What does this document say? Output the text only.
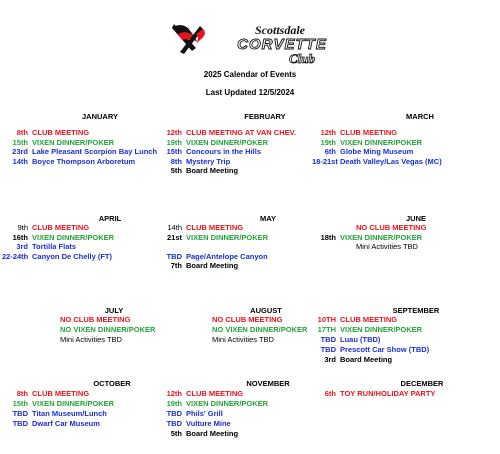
Scottsdale
CORVETTE
Club
2025 Calendar of Events
Last Updated 12/5/2024
JANUARY
8th CLUB MEETING
15th VIXEN DINNER/POKER
23rd Lake Pleasant Scorpion Bay Lunch
14th Boyce Thompson Arboretum
FEBRUARY
12th CLUB MEETING AT VAN CHEV.
19th VIXEN DINNER/POKER
15th Concours in the Hills
8th Mystery Trip
5th Board Meeting
MARCH
12th CLUB MEETING
19th VIXEN DINNER/POKER
6th Globe Ming Museum
18-21st Death Valley/Las Vegas (MC)
APRIL
9th CLUB MEETING
16th VIXEN DINNER/POKER
3rd Tortilla Flats
22-24th Canyon De Chelly (FT)
MAY
14th CLUB MEETING
21st VIXEN DINNER/POKER
TBD Page/Antelope Canyon
7th Board Meeting
JUNE
NO CLUB MEETING
18th VIXEN DINNER/POKER
Mini Activities TBD
JULY
NO CLUB MEETING
NO VIXEN DINNER/POKER
Mini Activities TBD
AUGUST
NO CLUB MEETING
NO VIXEN DINNER/POKER
Mini Activities TBD
SEPTEMBER
10TH CLUB MEETING
17TH VIXEN DINNER/POKER
TBD Luau (TBD)
TBD Prescott Car Show (TBD)
3rd Board Meeting
OCTOBER
8th CLUB MEETING
15th VIXEN DINNER/POKER
TBD Titan Museum/Lunch
TBD Dwarf Car Museum
NOVEMBER
12th CLUB MEETING
19th VIXEN DINNER/POKER
TBD Phils' Grill
TBD Vulture Mine
5th Board Meeting
DECEMBER
6th TOY RUN/HOLIDAY PARTY
